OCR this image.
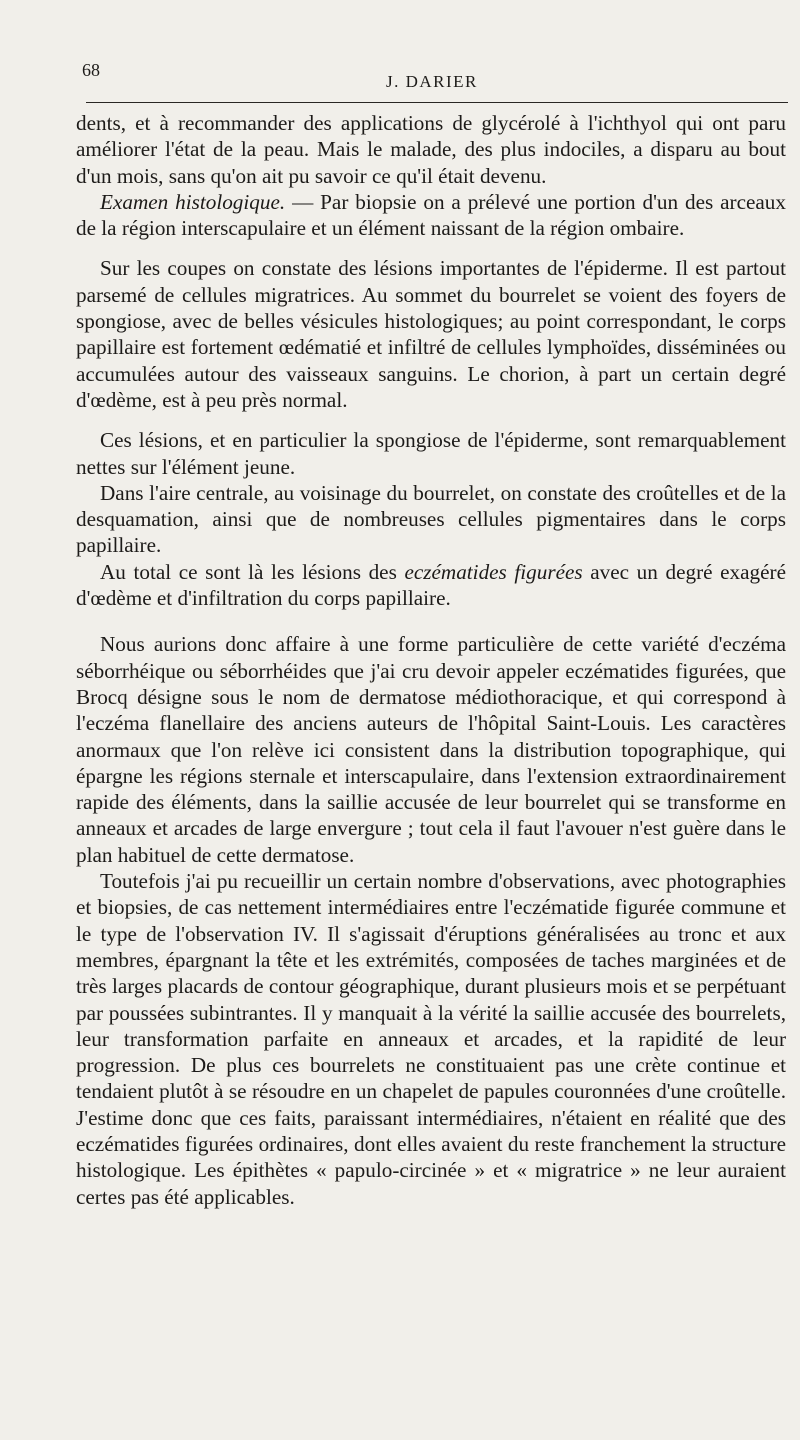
68

J. DARIER

dents, et à recommander des applications de glycérolé à l'ichthyol qui ont paru améliorer l'état de la peau. Mais le malade, des plus indociles, a disparu au bout d'un mois, sans qu'on ait pu savoir ce qu'il était devenu.

Examen histologique. — Par biopsie on a prélevé une portion d'un des arceaux de la région interscapulaire et un élément naissant de la région ombaire.

Sur les coupes on constate des lésions importantes de l'épiderme. Il est partout parsemé de cellules migratrices. Au sommet du bourrelet se voient des foyers de spongiose, avec de belles vésicules histologiques; au point correspondant, le corps papillaire est fortement œdématié et infiltré de cellules lymphoïdes, disséminées ou accumulées autour des vaisseaux sanguins. Le chorion, à part un certain degré d'œdème, est à peu près normal.

Ces lésions, et en particulier la spongiose de l'épiderme, sont remarquablement nettes sur l'élément jeune.

Dans l'aire centrale, au voisinage du bourrelet, on constate des croûtelles et de la desquamation, ainsi que de nombreuses cellules pigmentaires dans le corps papillaire.

Au total ce sont là les lésions des eczématides figurées avec un degré exagéré d'œdème et d'infiltration du corps papillaire.

Nous aurions donc affaire à une forme particulière de cette variété d'eczéma séborrhéique ou séborrhéides que j'ai cru devoir appeler eczématides figurées, que Brocq désigne sous le nom de dermatose médiothoracique, et qui correspond à l'eczéma flanellaire des anciens auteurs de l'hôpital Saint-Louis. Les caractères anormaux que l'on relève ici consistent dans la distribution topographique, qui épargne les régions sternale et interscapulaire, dans l'extension extraordinairement rapide des éléments, dans la saillie accusée de leur bourrelet qui se transforme en anneaux et arcades de large envergure ; tout cela il faut l'avouer n'est guère dans le plan habituel de cette dermatose.

Toutefois j'ai pu recueillir un certain nombre d'observations, avec photographies et biopsies, de cas nettement intermédiaires entre l'eczématide figurée commune et le type de l'observation IV. Il s'agissait d'éruptions généralisées au tronc et aux membres, épargnant la tête et les extrémités, composées de taches marginées et de très larges placards de contour géographique, durant plusieurs mois et se perpétuant par poussées subintrantes. Il y manquait à la vérité la saillie accusée des bourrelets, leur transformation parfaite en anneaux et arcades, et la rapidité de leur progression. De plus ces bourrelets ne constituaient pas une crète continue et tendaient plutôt à se résoudre en un chapelet de papules couronnées d'une croûtelle. J'estime donc que ces faits, paraissant intermédiaires, n'étaient en réalité que des eczématides figurées ordinaires, dont elles avaient du reste franchement la structure histologique. Les épithètes « papulo-circinée » et « migratrice » ne leur auraient certes pas été applicables.
